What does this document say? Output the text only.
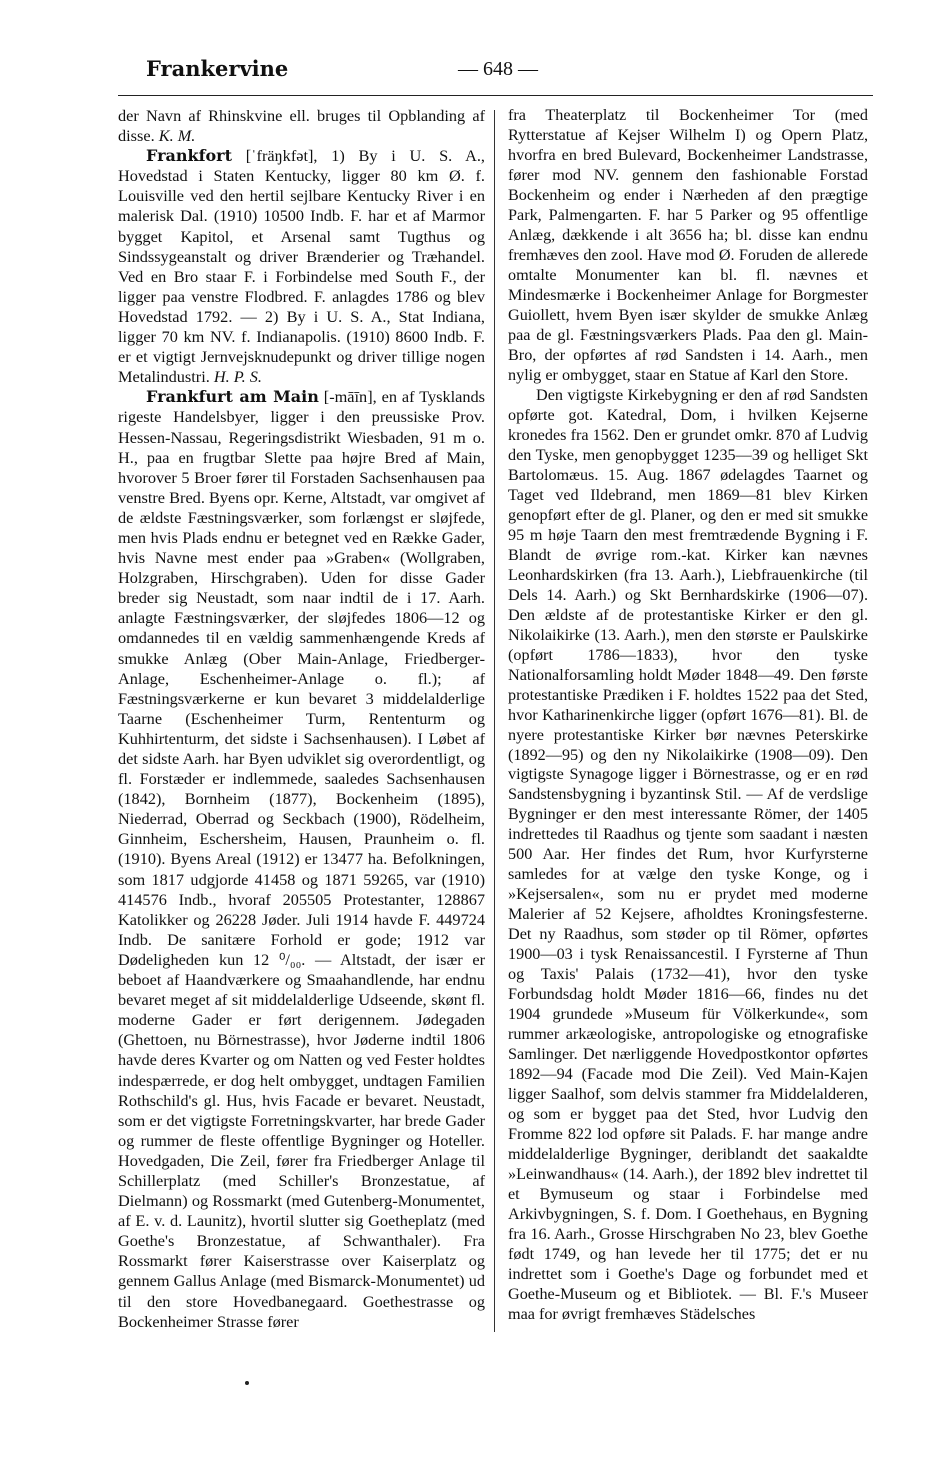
Frankervine	— 648 —

der Navn af Rhinskvine ell. bruges til Opblanding af disse. K. M.

Frankfort [ˈfräŋkfət], 1) By i U. S. A., Hovedstad i Staten Kentucky, ligger 80 km Ø. f. Louisville ved den hertil sejlbare Kentucky River i en malerisk Dal. (1910) 10500 Indb. F. har et af Marmor bygget Kapitol, et Arsenal samt Tugthus og Sindssygeanstalt og driver Brænderier og Træhandel. Ved en Bro staar F. i Forbindelse med South F., der ligger paa venstre Flodbred. F. anlagdes 1786 og blev Hovedstad 1792. — 2) By i U. S. A., Stat Indiana, ligger 70 km NV. f. Indianapolis. (1910) 8600 Indb. F. er et vigtigt Jernvejsknudepunkt og driver tillige nogen Metalindustri. H. P. S.

Frankfurt am Main [-māīn], en af Tysklands rigeste Handelsbyer, ligger i den preussiske Prov. Hessen-Nassau, Regeringsdistrikt Wiesbaden, 91 m o. H., paa en frugtbar Slette paa højre Bred af Main, hvorover 5 Broer fører til Forstaden Sachsenhausen paa venstre Bred. Byens opr. Kerne, Altstadt, var omgivet af de ældste Fæstningsværker, som forlængst er sløjfede, men hvis Plads endnu er betegnet ved en Række Gader, hvis Navne mest ender paa »Graben« (Wollgraben, Holzgraben, Hirschgraben). Uden for disse Gader breder sig Neustadt, som naar indtil de i 17. Aarh. anlagte Fæstningsværker, der sløjfedes 1806—12 og omdannedes til en vældig sammenhængende Kreds af smukke Anlæg (Ober Main-Anlage, Friedberger-Anlage, Eschenheimer-Anlage o. fl.); af Fæstningsværkerne er kun bevaret 3 middelalderlige Taarne (Eschenheimer Turm, Rententurm og Kuhhirtenturm, det sidste i Sachsenhausen). I Løbet af det sidste Aarh. har Byen udviklet sig overordentligt, og fl. Forstæder er indlemmede, saaledes Sachsenhausen (1842), Bornheim (1877), Bockenheim (1895), Niederrad, Oberrad og Seckbach (1900), Rödelheim, Ginnheim, Eschersheim, Hausen, Praunheim o. fl. (1910). Byens Areal (1912) er 13477 ha. Befolkningen, som 1817 udgjorde 41458 og 1871 59265, var (1910) 414576 Indb., hvoraf 205505 Protestanter, 128867 Katolikker og 26228 Jøder. Juli 1914 havde F. 449724 Indb. De sanitære Forhold er gode; 1912 var Dødeligheden kun 12 ⁰/₀₀. — Altstadt, der især er beboet af Haandværkere og Smaahandlende, har endnu bevaret meget af sit middelalderlige Udseende, skønt fl. moderne Gader er ført derigennem. Jødegaden (Ghettoen, nu Börnestrasse), hvor Jøderne indtil 1806 havde deres Kvarter og om Natten og ved Fester holdtes indespærrede, er dog helt ombygget, undtagen Familien Rothschild's gl. Hus, hvis Facade er bevaret. Neustadt, som er det vigtigste Forretningskvarter, har brede Gader og rummer de fleste offentlige Bygninger og Hoteller. Hovedgaden, Die Zeil, fører fra Friedberger Anlage til Schillerplatz (med Schiller's Bronzestatue, af Dielmann) og Rossmarkt (med Gutenberg-Monumentet, af E. v. d. Launitz), hvortil slutter sig Goetheplatz (med Goethe's Bronzestatue, af Schwanthaler). Fra Rossmarkt fører Kaiserstrasse over Kaiserplatz og gennem Gallus Anlage (med Bismarck-Monumentet) ud til den store Hovedbanegaard. Goethestrasse og Bockenheimer Strasse fører

fra Theaterplatz til Bockenheimer Tor (med Rytterstatue af Kejser Wilhelm I) og Opern Platz, hvorfra en bred Bulevard, Bockenheimer Landstrasse, fører mod NV. gennem den fashionable Forstad Bockenheim og ender i Nærheden af den prægtige Park, Palmengarten. F. har 5 Parker og 95 offentlige Anlæg, dækkende i alt 3656 ha; bl. disse kan endnu fremhæves den zool. Have mod Ø. Foruden de allerede omtalte Monumenter kan bl. fl. nævnes et Mindesmærke i Bockenheimer Anlage for Borgmester Guiollett, hvem Byen især skylder de smukke Anlæg paa de gl. Fæstningsværkers Plads. Paa den gl. Main-Bro, der opførtes af rød Sandsten i 14. Aarh., men nylig er ombygget, staar en Statue af Karl den Store.

Den vigtigste Kirkebygning er den af rød Sandsten opførte got. Katedral, Dom, i hvilken Kejserne kronedes fra 1562. Den er grundet omkr. 870 af Ludvig den Tyske, men genopbygget 1235—39 og helliget Skt Bartolomæus. 15. Aug. 1867 ødelagdes Taarnet og Taget ved Ildebrand, men 1869—81 blev Kirken genopført efter de gl. Planer, og den er med sit smukke 95 m høje Taarn den mest fremtrædende Bygning i F. Blandt de øvrige rom.-kat. Kirker kan nævnes Leonhardskirken (fra 13. Aarh.), Liebfrauenkirche (til Dels 14. Aarh.) og Skt Bernhardskirke (1906—07). Den ældste af de protestantiske Kirker er den gl. Nikolaikirke (13. Aarh.), men den største er Paulskirke (opført 1786—1833), hvor den tyske Nationalforsamling holdt Møder 1848—49. Den første protestantiske Prædiken i F. holdtes 1522 paa det Sted, hvor Katharinenkirche ligger (opført 1676—81). Bl. de nyere protestantiske Kirker bør nævnes Peterskirke (1892—95) og den ny Nikolaikirke (1908—09). Den vigtigste Synagoge ligger i Börnestrasse, og er en rød Sandstensbygning i byzantinsk Stil. — Af de verdslige Bygninger er den mest interessante Römer, der 1405 indrettedes til Raadhus og tjente som saadant i næsten 500 Aar. Her findes det Rum, hvor Kurfyrsterne samledes for at vælge den tyske Konge, og i »Kejsersalen«, som nu er prydet med moderne Malerier af 52 Kejsere, afholdtes Kroningsfesterne. Det ny Raadhus, som støder op til Römer, opførtes 1900—03 i tysk Renaissancestil. I Fyrsterne af Thun og Taxis' Palais (1732—41), hvor den tyske Forbundsdag holdt Møder 1816—66, findes nu det 1904 grundede »Museum für Völkerkunde«, som rummer arkæologiske, antropologiske og etnografiske Samlinger. Det nærliggende Hovedpostkontor opførtes 1892—94 (Facade mod Die Zeil). Ved Main-Kajen ligger Saalhof, som delvis stammer fra Middelalderen, og som er bygget paa det Sted, hvor Ludvig den Fromme 822 lod opføre sit Palads. F. har mange andre middelalderlige Bygninger, deriblandt det saakaldte »Leinwandhaus« (14. Aarh.), der 1892 blev indrettet til et Bymuseum og staar i Forbindelse med Arkivbygningen, S. f. Dom. I Goethehaus, en Bygning fra 16. Aarh., Grosse Hirschgraben No 23, blev Goethe født 1749, og han levede her til 1775; det er nu indrettet som i Goethe's Dage og forbundet med et Goethe-Museum og et Bibliotek. — Bl. F.'s Museer maa for øvrigt fremhæves Städelsches
